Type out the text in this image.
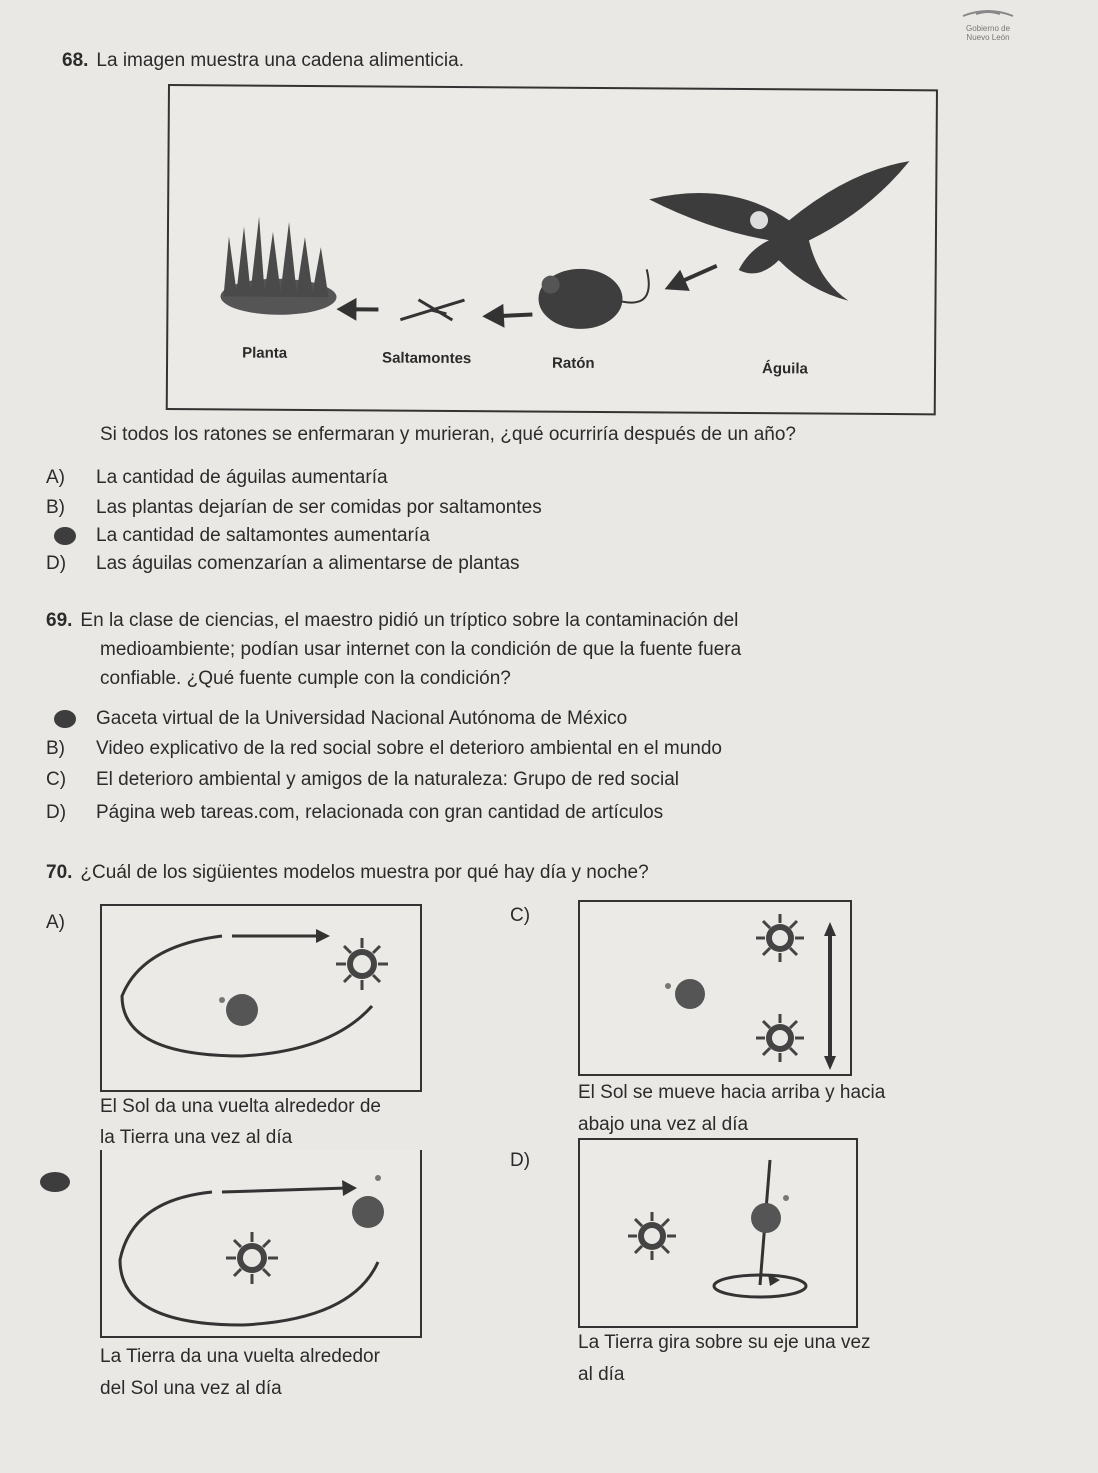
Gobierno de
Nuevo León
68. La imagen muestra una cadena alimenticia.
Planta	Saltamontes	Ratón	Águila
Si todos los ratones se enfermaran y murieran, ¿qué ocurriría después de un año?
A) La cantidad de águilas aumentaría
B) Las plantas dejarían de ser comidas por saltamontes
La cantidad de saltamontes aumentaría
D) Las águilas comenzarían a alimentarse de plantas
69. En la clase de ciencias, el maestro pidió un tríptico sobre la contaminación del
medioambiente; podían usar internet con la condición de que la fuente fuera
confiable. ¿Qué fuente cumple con la condición?
Gaceta virtual de la Universidad Nacional Autónoma de México
B) Video explicativo de la red social sobre el deterioro ambiental en el mundo
C) El deterioro ambiental y amigos de la naturaleza: Grupo de red social
D) Página web tareas.com, relacionada con gran cantidad de artículos
70. ¿Cuál de los sigüientes modelos muestra por qué hay día y noche?
A)
El Sol da una vuelta alrededor de
la Tierra una vez al día
La Tierra da una vuelta alrededor
del Sol una vez al día
C)
El Sol se mueve hacia arriba y hacia
abajo una vez al día
D)
La Tierra gira sobre su eje una vez
al día
